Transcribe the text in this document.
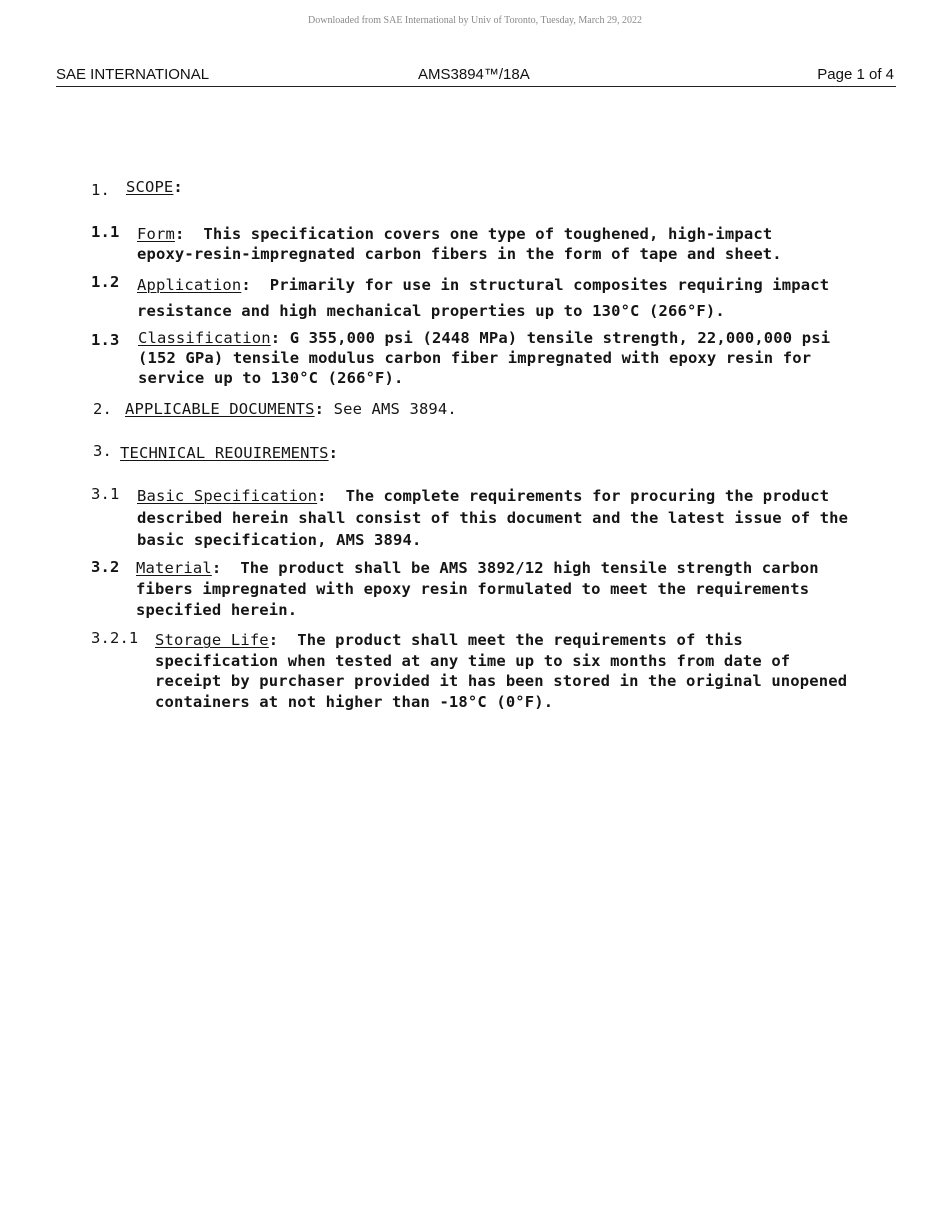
Downloaded from SAE International by Univ of Toronto, Tuesday, March 29, 2022
SAE INTERNATIONAL	AMS3894™/18A	Page 1 of 4
1. SCOPE:
1.1 Form: This specification covers one type of toughened, high-impact
epoxy-resin-impregnated carbon fibers in the form of tape and sheet.
1.2 Application: Primarily for use in structural composites requiring impact
resistance and high mechanical properties up to 130°C (266°F).
1.3 Classification: G 355,000 psi (2448 MPa) tensile strength, 22,000,000 psi
(152 GPa) tensile modulus carbon fiber impregnated with epoxy resin for
service up to 130°C (266°F).
2. APPLICABLE DOCUMENTS: See AMS 3894.
3. TECHNICAL REOUIREMENTS:
3.1 Basic Specification: The complete requirements for procuring the product
described herein shall consist of this document and the latest issue of the
basic specification, AMS 3894.
3.2 Material: The product shall be AMS 3892/12 high tensile strength carbon
fibers impregnated with epoxy resin formulated to meet the requirements
specified herein.
3.2.1 Storage Life: The product shall meet the requirements of this
specification when tested at any time up to six months from date of
receipt by purchaser provided it has been stored in the original unopened
containers at not higher than -18°C (0°F).
